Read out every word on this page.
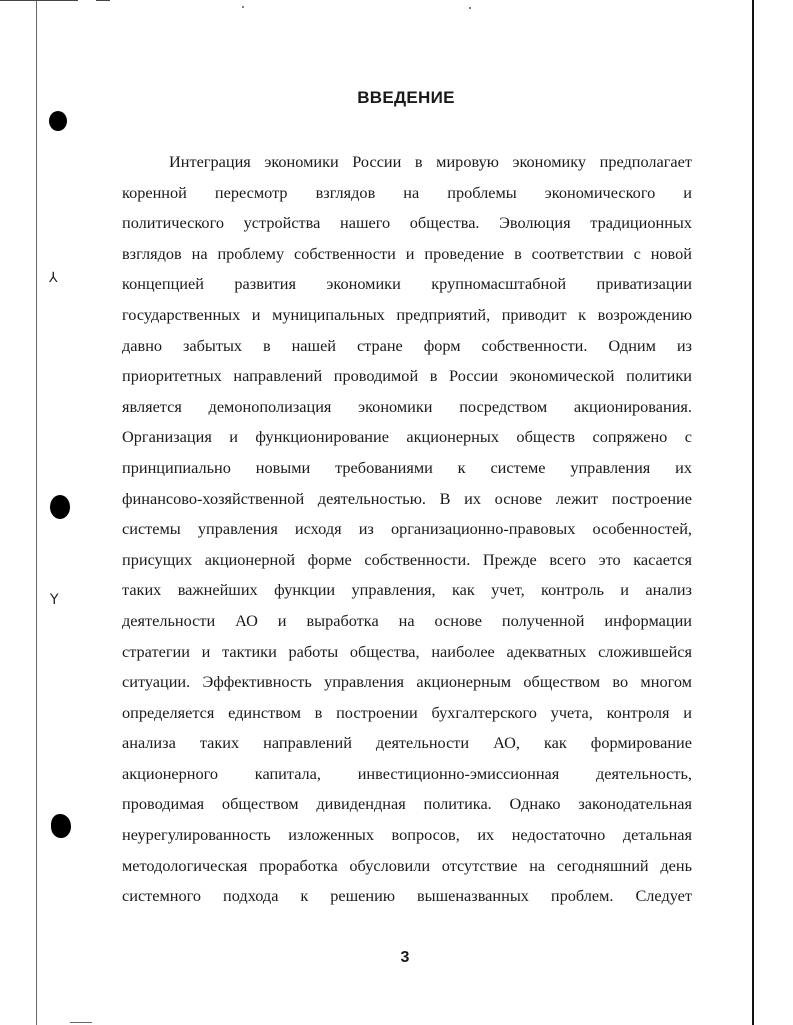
⅄
Y
ВВЕДЕНИЕ
Интеграция экономики России в мировую экономику предполагает
коренной пересмотр взглядов на проблемы экономического и
политического устройства нашего общества. Эволюция традиционных
взглядов на проблему собственности и проведение в соответствии с новой
концепцией развития экономики крупномасштабной приватизации
государственных и муниципальных предприятий, приводит к возрождению
давно забытых в нашей стране форм собственности. Одним из
приоритетных направлений проводимой в России экономической политики
является демонополизация экономики посредством акционирования.
Организация и функционирование акционерных обществ сопряжено с
принципиально новыми требованиями к системе управления их
финансово-хозяйственной деятельностью. В их основе лежит построение
системы управления исходя из организационно-правовых особенностей,
присущих акционерной форме собственности. Прежде всего это касается
таких важнейших функции управления, как учет, контроль и анализ
деятельности АО и выработка на основе полученной информации
стратегии и тактики работы общества, наиболее адекватных сложившейся
ситуации. Эффективность управления акционерным обществом во многом
определяется единством в построении бухгалтерского учета, контроля и
анализа таких направлений деятельности АО, как формирование
акционерного капитала, инвестиционно-эмиссионная деятельность,
проводимая обществом дивидендная политика. Однако законодательная
неурегулированность изложенных вопросов, их недостаточно детальная
методологическая проработка обусловили отсутствие на сегодняшний день
системного подхода к решению вышеназванных проблем. Следует
3
